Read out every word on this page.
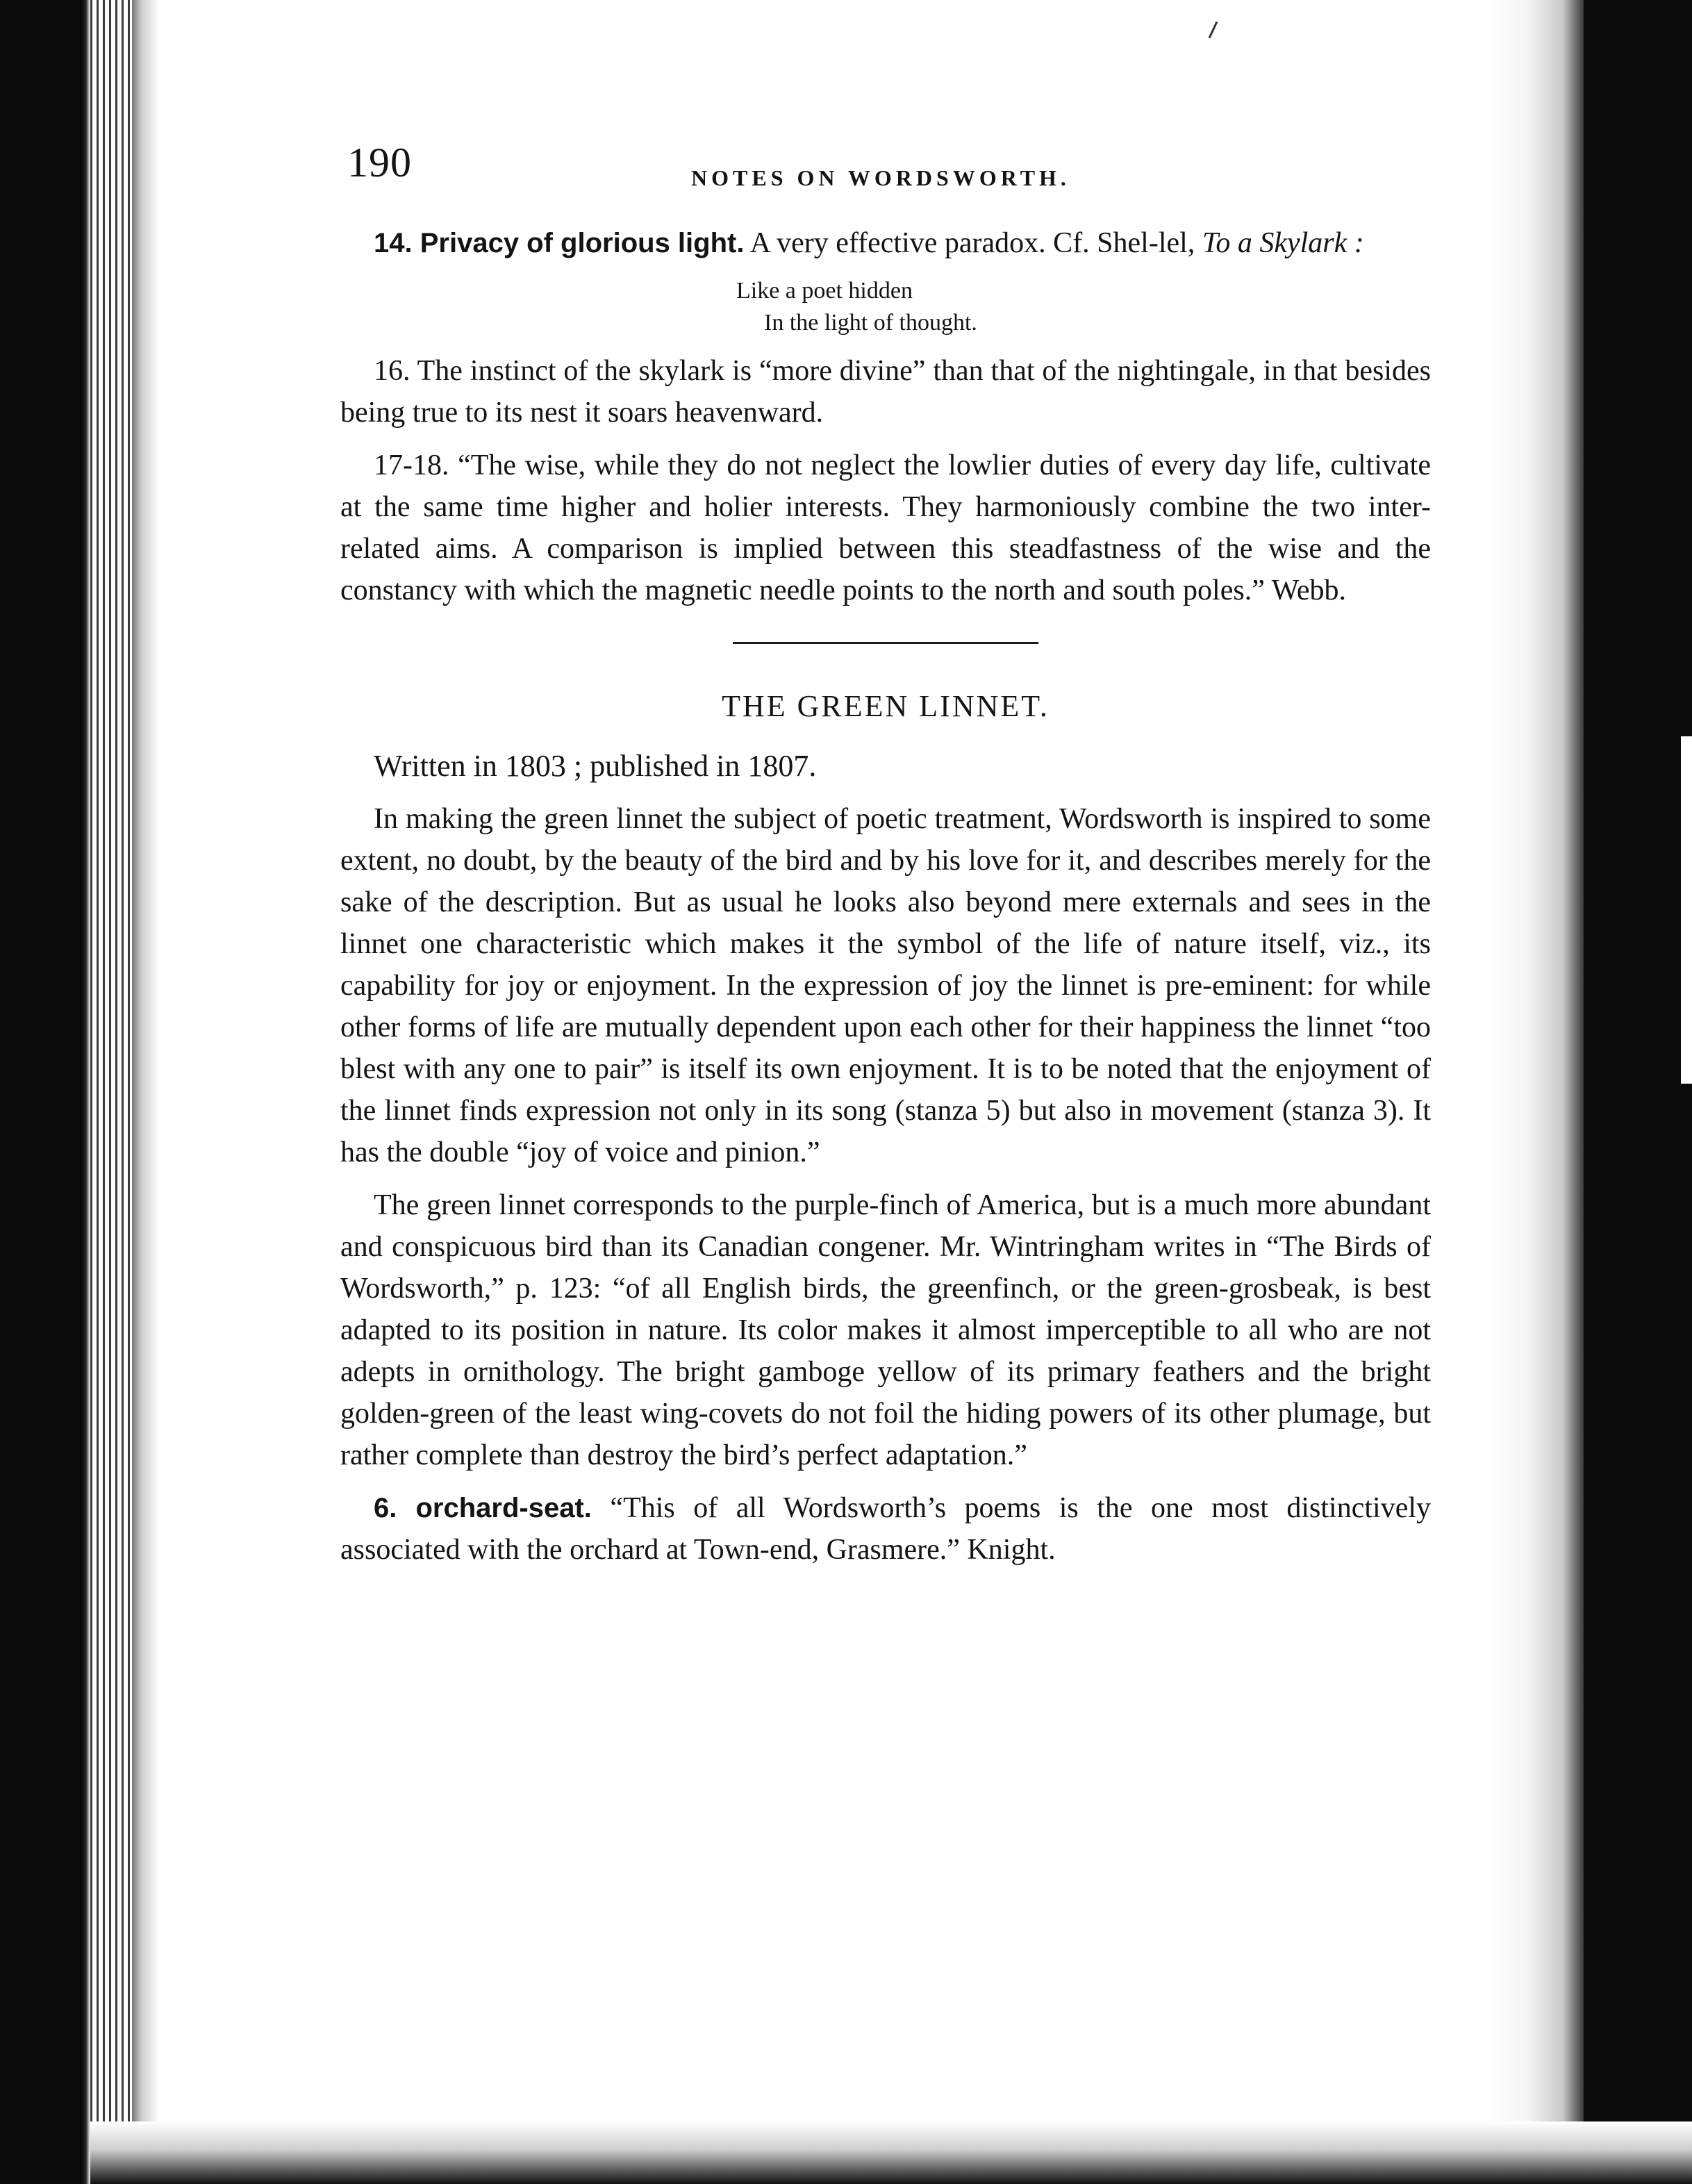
190	NOTES ON WORDSWORTH.

14. Privacy of glorious light. A very effective paradox. Cf. Shel-lel, To a Skylark :

Like a poet hidden
In the light of thought.

16. The instinct of the skylark is “more divine” than that of the nightingale, in that besides being true to its nest it soars heavenward.

17-18. “The wise, while they do not neglect the lowlier duties of every day life, cultivate at the same time higher and holier interests. They harmoniously combine the two inter-related aims. A comparison is implied between this steadfastness of the wise and the constancy with which the magnetic needle points to the north and south poles.” Webb.

THE GREEN LINNET.

Written in 1803 ; published in 1807.

In making the green linnet the subject of poetic treatment, Wordsworth is inspired to some extent, no doubt, by the beauty of the bird and by his love for it, and describes merely for the sake of the description. But as usual he looks also beyond mere externals and sees in the linnet one characteristic which makes it the symbol of the life of nature itself, viz., its capability for joy or enjoyment. In the expression of joy the linnet is pre-eminent: for while other forms of life are mutually dependent upon each other for their happiness the linnet “too blest with any one to pair” is itself its own enjoyment. It is to be noted that the enjoyment of the linnet finds expression not only in its song (stanza 5) but also in movement (stanza 3). It has the double “joy of voice and pinion.”

The green linnet corresponds to the purple-finch of America, but is a much more abundant and conspicuous bird than its Canadian congener. Mr. Wintringham writes in “The Birds of Wordsworth,” p. 123: “of all English birds, the greenfinch, or the green-grosbeak, is best adapted to its position in nature. Its color makes it almost imperceptible to all who are not adepts in ornithology. The bright gamboge yellow of its primary feathers and the bright golden-green of the least wing-covets do not foil the hiding powers of its other plumage, but rather complete than destroy the bird’s perfect adaptation.”

6. orchard-seat. “This of all Wordsworth’s poems is the one most distinctively associated with the orchard at Town-end, Grasmere.” Knight.
